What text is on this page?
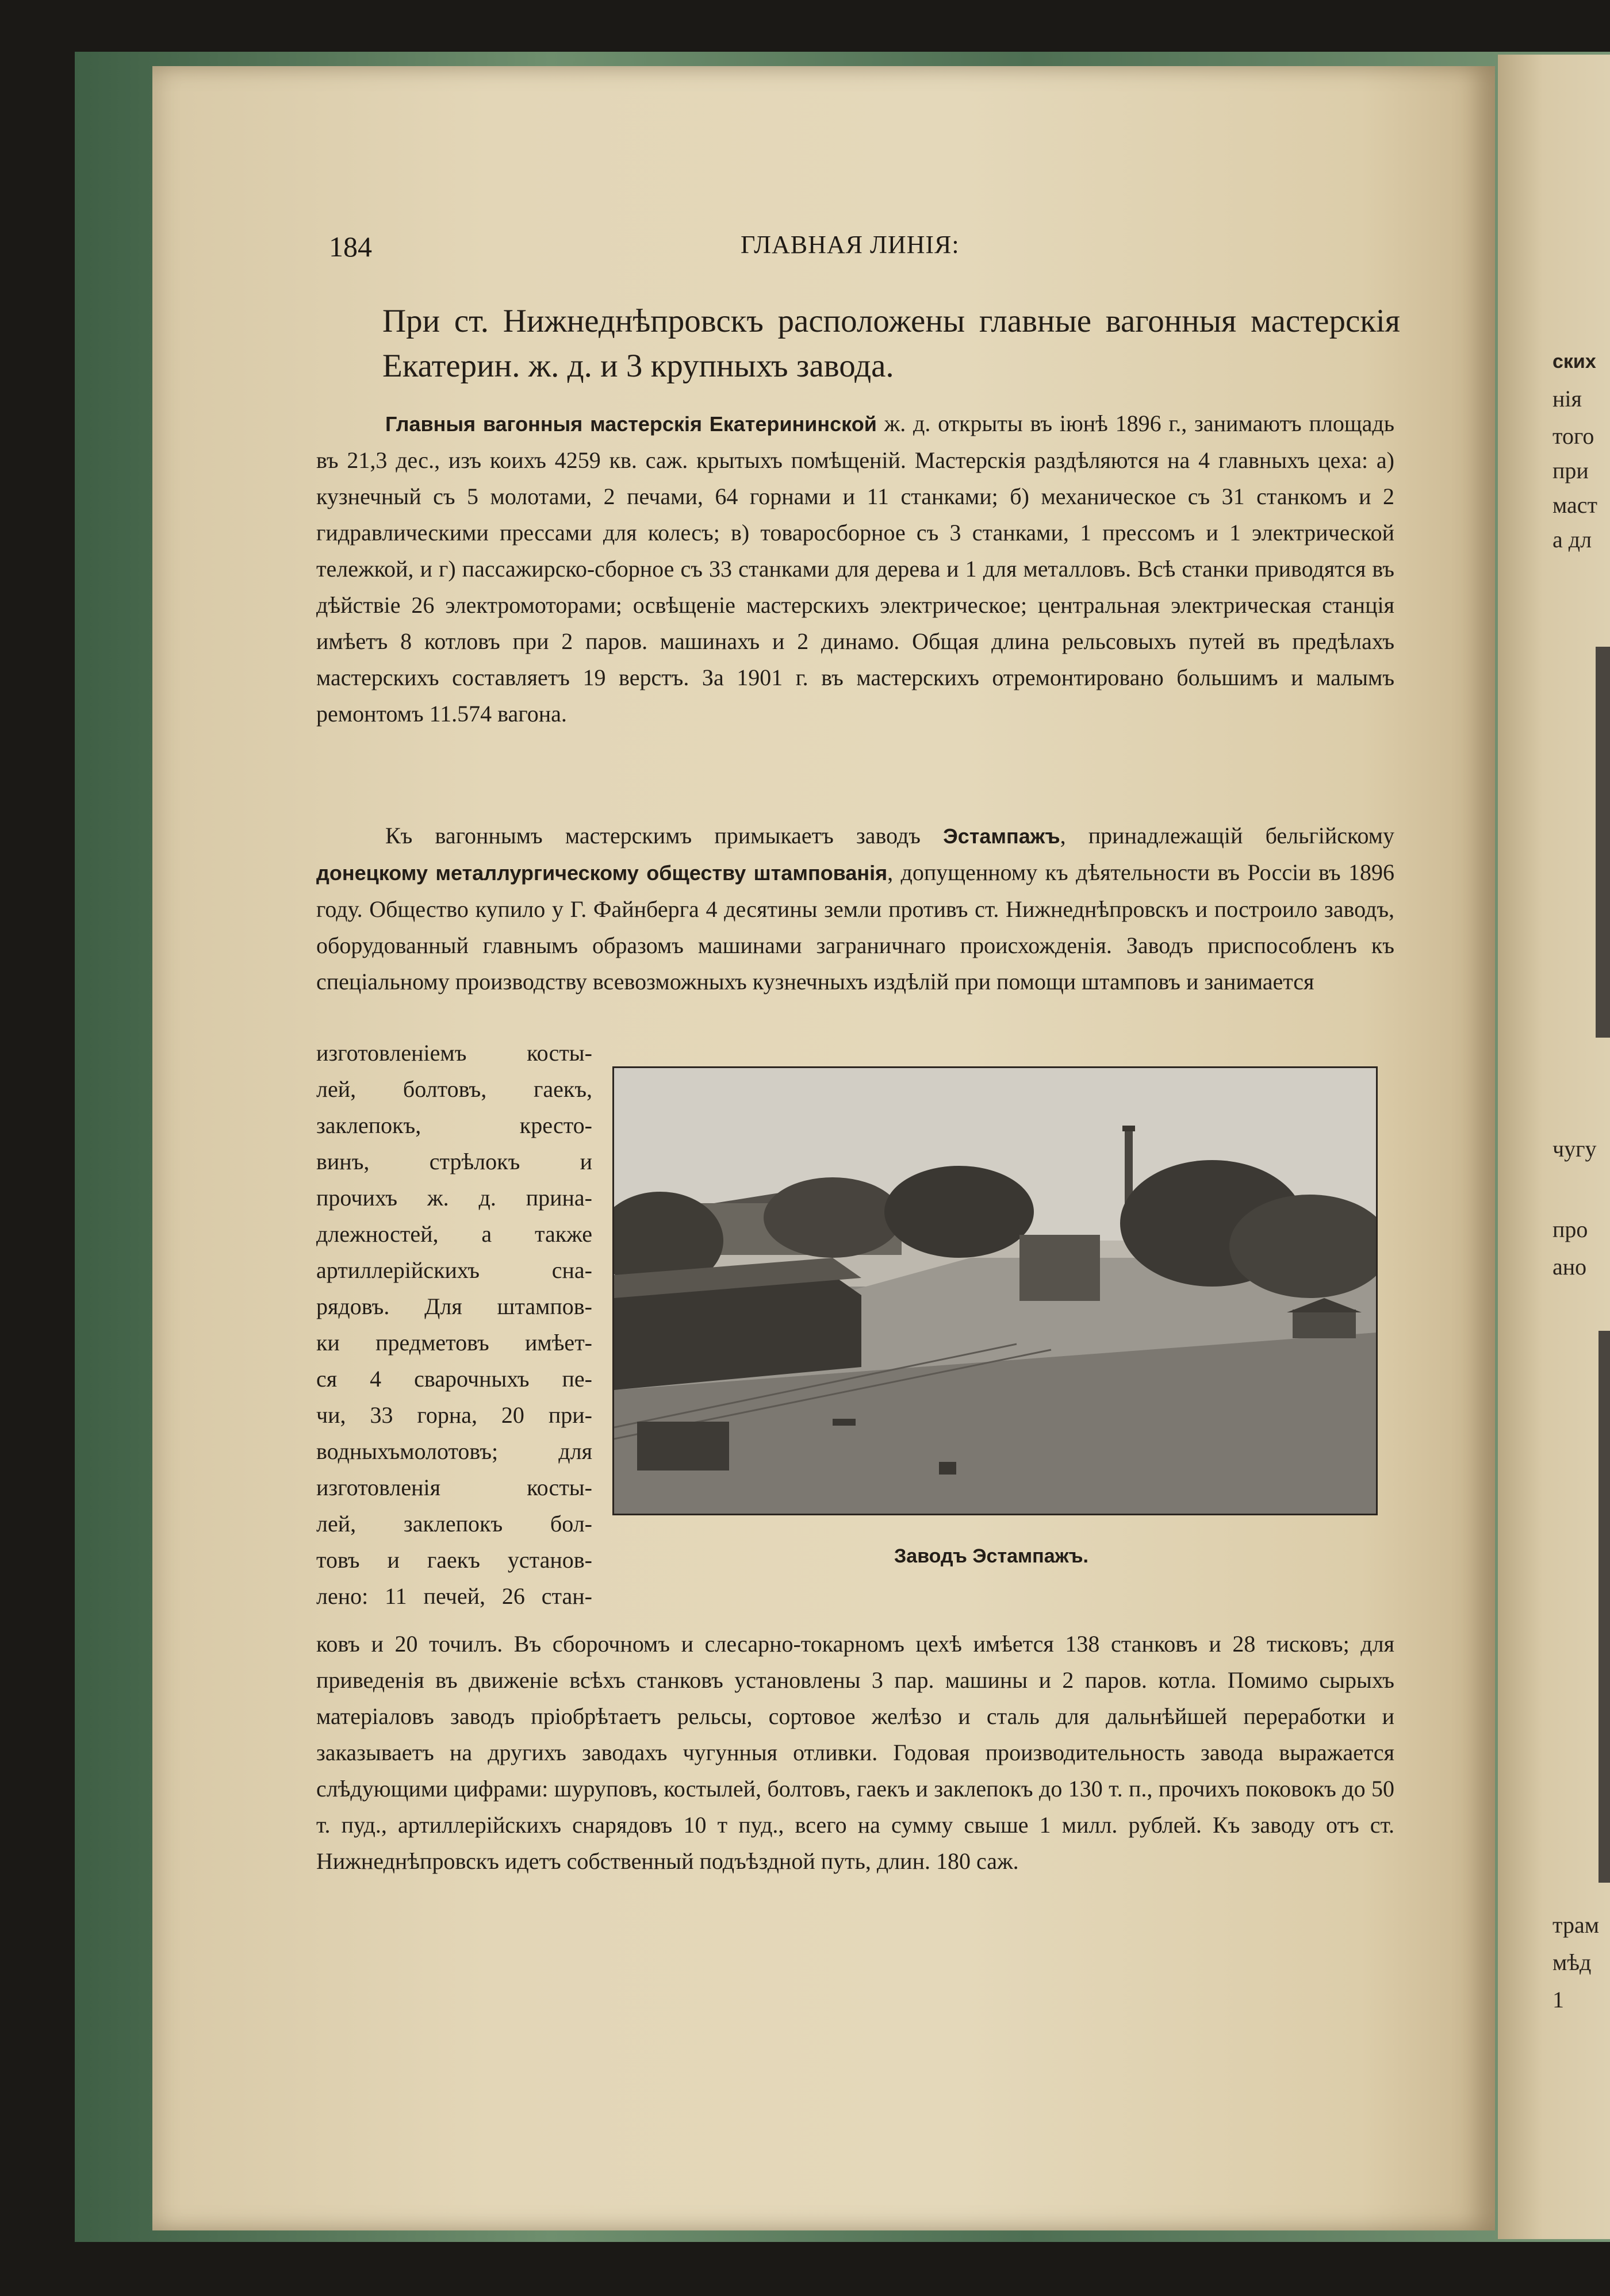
ских
нія
того
при
маст
а дл
чугу
про
ано
трам
мѣд
1
184	ГЛАВНАЯ ЛИНІЯ:
При ст. Нижнеднѣпровскъ расположены главные вагонныя мастерскія Екатерин. ж. д. и 3 крупныхъ завода.
Главныя вагонныя мастерскія Екатерининской ж. д. открыты въ іюнѣ 1896 г., занимаютъ площадь въ 21,3 дес., изъ коихъ 4259 кв. саж. крытыхъ помѣщеній. Мастерскія раздѣляются на 4 главныхъ цеха: а) кузнечный съ 5 молотами, 2 печами, 64 горнами и 11 станками; б) механическое съ 31 станкомъ и 2 гидравлическими прессами для колесъ; в) товаросборное съ 3 станками, 1 прессомъ и 1 электрической тележкой, и г) пассажирско-сборное съ 33 станками для дерева и 1 для металловъ. Всѣ станки приводятся въ дѣйствіе 26 электромоторами; освѣщеніе мастерскихъ электрическое; центральная электрическая станція имѣетъ 8 котловъ при 2 паров. машинахъ и 2 динамо. Общая длина рельсовыхъ путей въ предѣлахъ мастерскихъ составляетъ 19 верстъ. За 1901 г. въ мастерскихъ отремонтировано большимъ и малымъ ремонтомъ 11.574 вагона.
Къ вагоннымъ мастерскимъ примыкаетъ заводъ Эстампажъ, принадлежащій бельгійскому донецкому металлургическому обществу штампованія, допущенному къ дѣятельности въ Россіи въ 1896 году. Общество купило у Г. Файнберга 4 десятины земли противъ ст. Нижнеднѣпровскъ и построило заводъ, оборудованный главнымъ образомъ машинами заграничнаго происхожденія. Заводъ приспособленъ къ спеціальному производству всевозможныхъ кузнечныхъ издѣлій при помощи штамповъ и занимается
изготовленіемъ косты-
лей, болтовъ, гаекъ,
заклепокъ, кресто-
винъ, стрѣлокъ и
прочихъ ж. д. прина-
длежностей, а также
артиллерійскихъ сна-
рядовъ. Для штампов-
ки предметовъ имѣет-
ся 4 сварочныхъ пе-
чи, 33 горна, 20 при-
водныхъмолотовъ; для
изготовленія косты-
лей, заклепокъ бол-
товъ и гаекъ установ-
лено: 11 печей, 26 стан-
Заводъ Эстампажъ.
ковъ и 20 точилъ. Въ сборочномъ и слесарно-токарномъ цехѣ имѣется 138 станковъ и 28 тисковъ; для приведенія въ движеніе всѣхъ станковъ установлены 3 пар. машины и 2 паров. котла. Помимо сырыхъ матеріаловъ заводъ пріобрѣтаетъ рельсы, сортовое желѣзо и сталь для дальнѣйшей переработки и заказываетъ на другихъ заводахъ чугунныя отливки. Годовая производительность завода выражается слѣдующими цифрами: шуруповъ, костылей, болтовъ, гаекъ и заклепокъ до 130 т. п., прочихъ поковокъ до 50 т. пуд., артиллерійскихъ снарядовъ 10 т пуд., всего на сумму свыше 1 милл. рублей. Къ заводу отъ ст. Нижнеднѣпровскъ идетъ собственный подъѣздной путь, длин. 180 саж.
